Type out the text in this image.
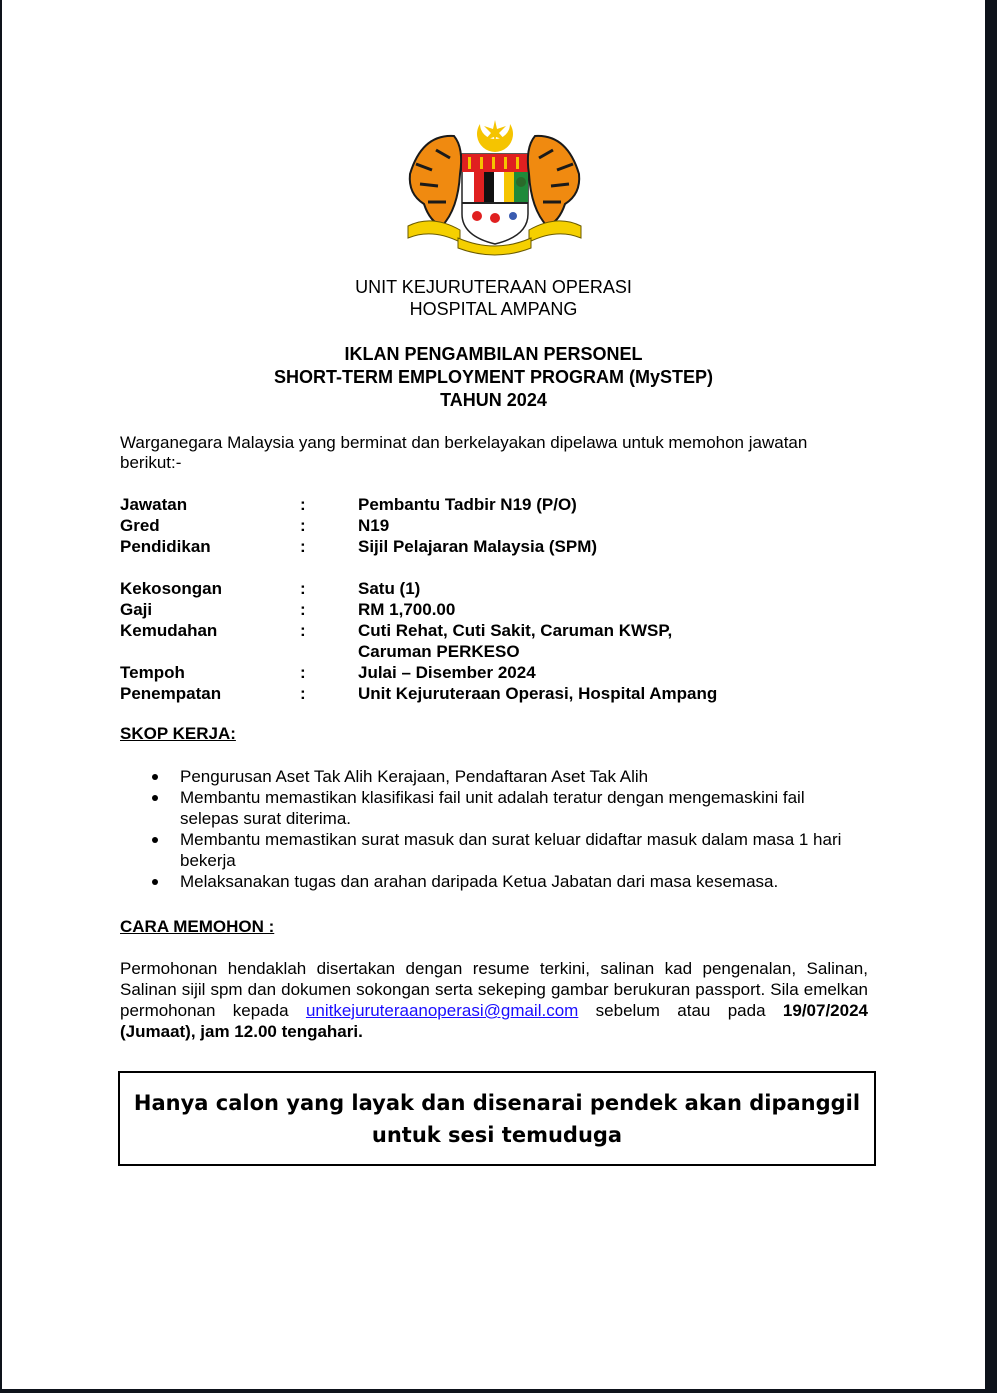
UNIT KEJURUTERAAN OPERASI
HOSPITAL AMPANG
IKLAN PENGAMBILAN PERSONEL
SHORT-TERM EMPLOYMENT PROGRAM (MySTEP)
TAHUN 2024
Warganegara Malaysia yang berminat dan berkelayakan dipelawa untuk memohon jawatan berikut:-
Jawatan	:	Pembantu Tadbir N19 (P/O)
Gred	:	N19
Pendidikan	:	Sijil Pelajaran Malaysia (SPM)
Kekosongan	:	Satu (1)
Gaji	:	RM 1,700.00
Kemudahan	:	Cuti Rehat, Cuti Sakit, Caruman KWSP, Caruman PERKESO
Tempoh	:	Julai – Disember 2024
Penempatan	:	Unit Kejuruteraan Operasi, Hospital Ampang
SKOP KERJA:
Pengurusan Aset Tak Alih Kerajaan, Pendaftaran Aset Tak Alih
Membantu memastikan klasifikasi fail unit adalah teratur dengan mengemaskini fail selepas surat diterima.
Membantu memastikan surat masuk dan surat keluar didaftar masuk dalam masa 1 hari bekerja
Melaksanakan tugas dan arahan daripada Ketua Jabatan dari masa kesemasa.
CARA MEMOHON :
Permohonan hendaklah disertakan dengan resume terkini, salinan kad pengenalan, Salinan, Salinan sijil spm dan dokumen sokongan serta sekeping gambar berukuran passport. Sila emelkan permohonan kepada unitkejuruteraanoperasi@gmail.com sebelum atau pada 19/07/2024 (Jumaat), jam 12.00 tengahari.
Hanya calon yang layak dan disenarai pendek akan dipanggil
untuk sesi temuduga
